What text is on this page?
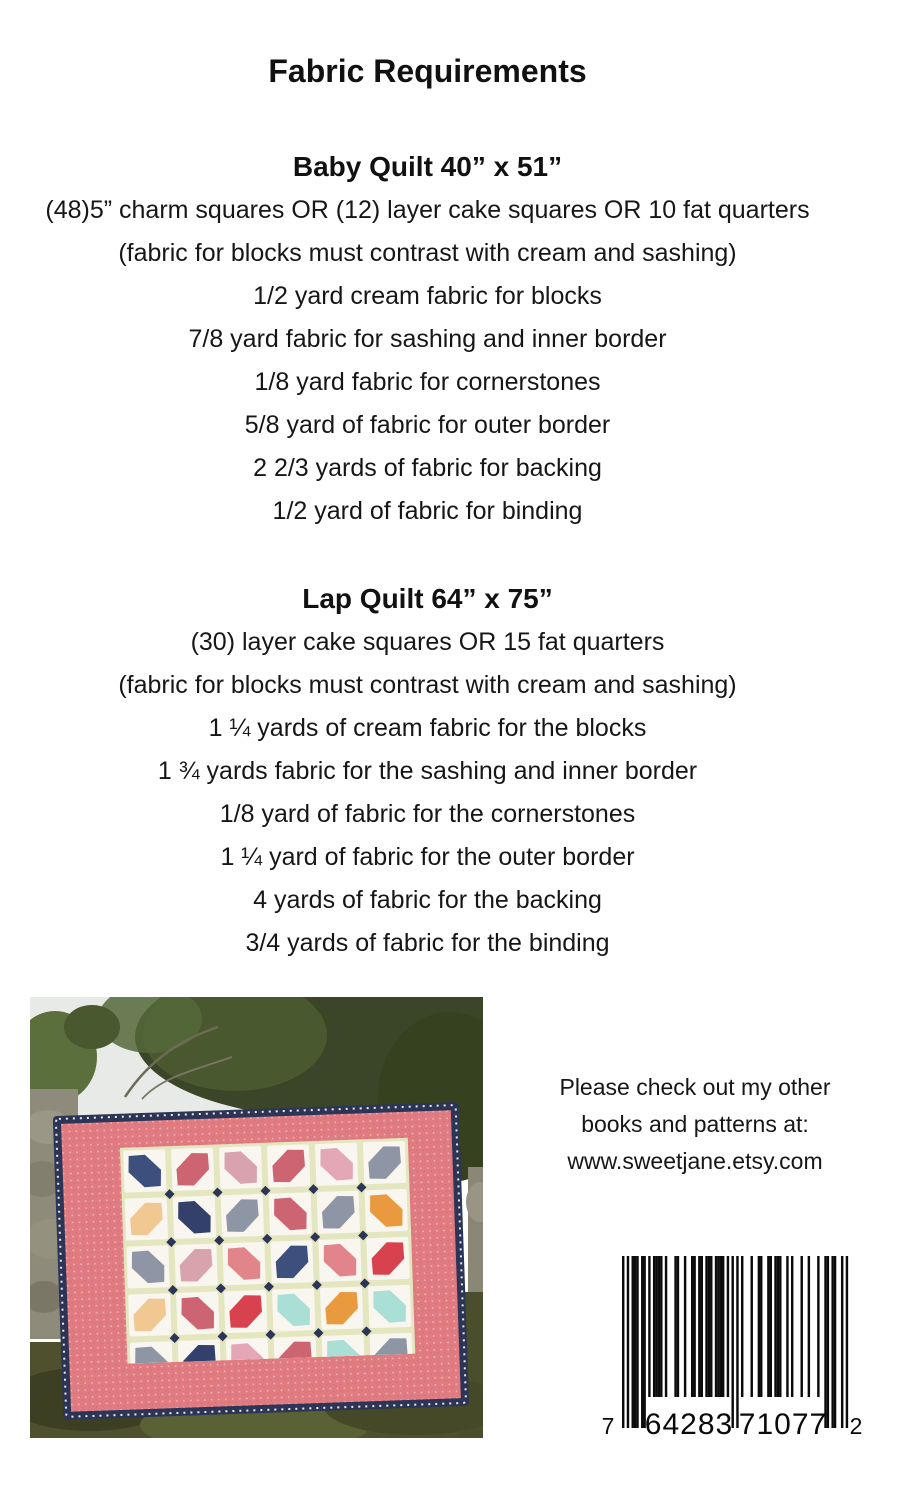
Fabric Requirements
Baby Quilt 40” x 51”

(48)5” charm squares OR (12) layer cake squares OR 10 fat quarters

(fabric for blocks must contrast with cream and sashing)

1/2 yard cream fabric for blocks

7/8 yard fabric for sashing and inner border

1/8 yard fabric for cornerstones

5/8 yard of fabric for outer border

2 2/3 yards of fabric for backing

1/2 yard of fabric for binding

Lap Quilt 64” x 75”

(30) layer cake squares OR 15 fat quarters

(fabric for blocks must contrast with cream and sashing)

1 ¼ yards of cream fabric for the blocks

1 ¾ yards fabric for the sashing and inner border

1/8 yard of fabric for the cornerstones

1 ¼ yard of fabric for the outer border

4 yards of fabric for the backing

3/4 yards of fabric for the binding

Please check out my other

books and patterns at:

www.sweetjane.etsy.com

7 64283 71077 2
